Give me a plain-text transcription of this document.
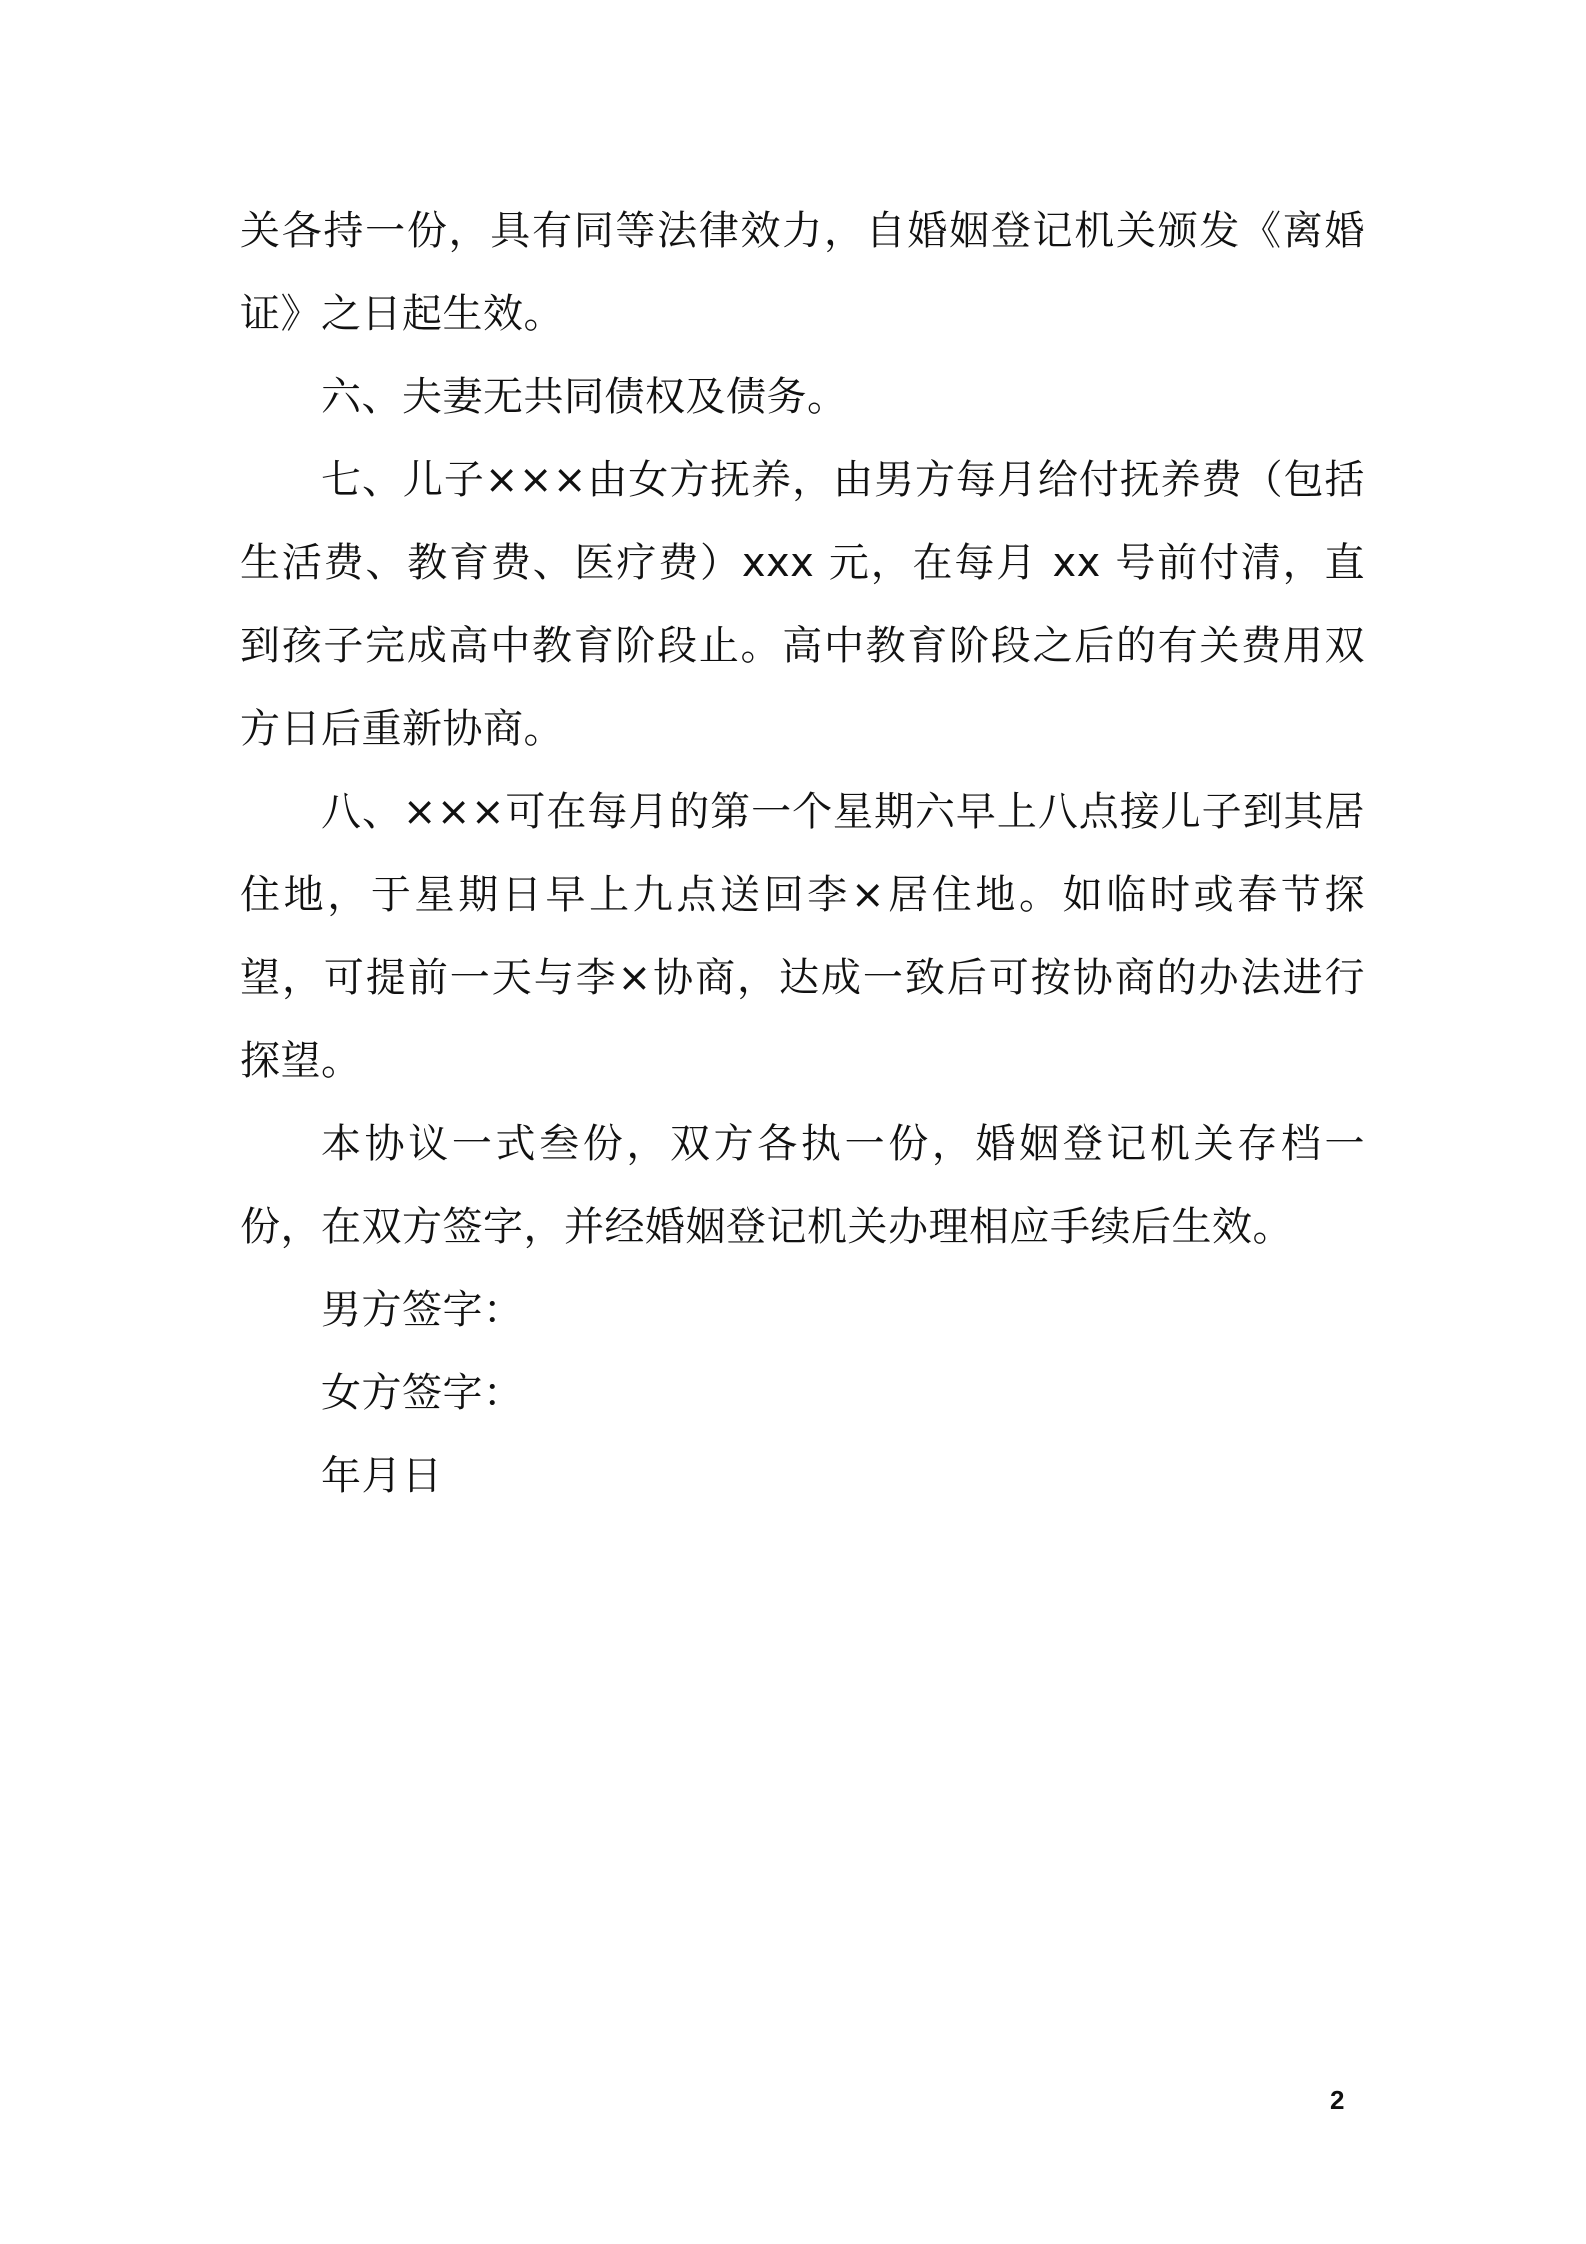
关各持一份，具有同等法律效力，自婚姻登记机关颁发《离婚证》之日起生效。

六、夫妻无共同债权及债务。

七、儿子×××由女方抚养，由男方每月给付抚养费（包括生活费、教育费、医疗费）xxx 元，在每月 xx 号前付清，直到孩子完成高中教育阶段止。高中教育阶段之后的有关费用双方日后重新协商。

八、×××可在每月的第一个星期六早上八点接儿子到其居住地，于星期日早上九点送回李×居住地。如临时或春节探望，可提前一天与李×协商，达成一致后可按协商的办法进行探望。

本协议一式叁份，双方各执一份，婚姻登记机关存档一份，在双方签字，并经婚姻登记机关办理相应手续后生效。

男方签字：

女方签字：

年月日

2
